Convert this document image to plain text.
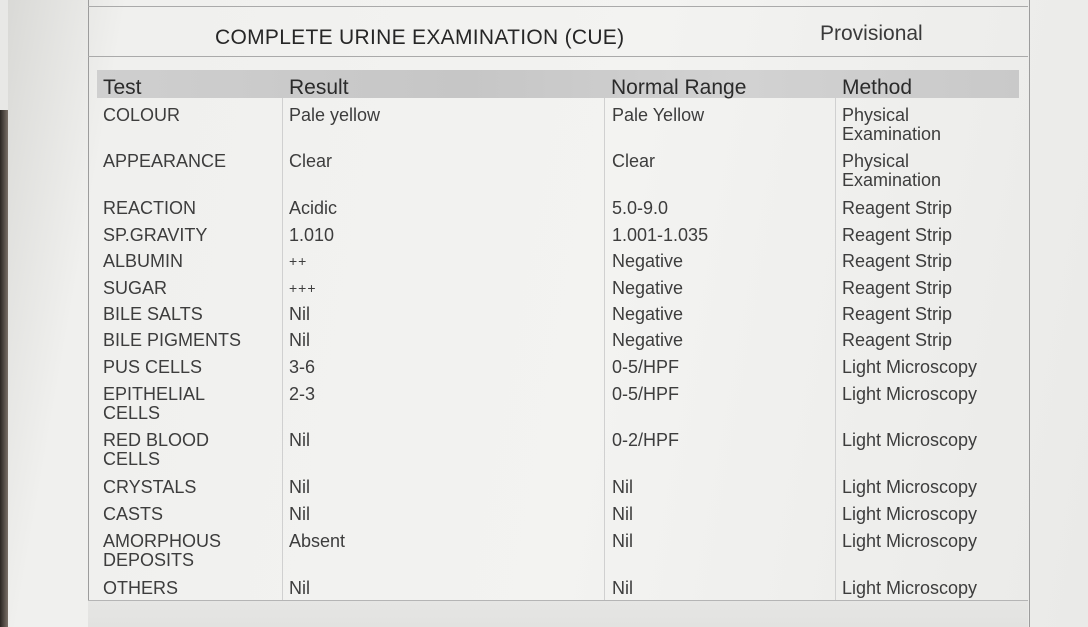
COMPLETE URINE EXAMINATION (CUE)	Provisional
Test	Result	Normal Range	Method
COLOUR	Pale yellow	Pale Yellow	Physical
Examination
APPEARANCE	Clear	Clear	Physical
Examination
REACTION	Acidic	5.0-9.0	Reagent Strip
SP.GRAVITY	1.010	1.001-1.035	Reagent Strip
ALBUMIN	++	Negative	Reagent Strip
SUGAR	+++	Negative	Reagent Strip
BILE SALTS	Nil	Negative	Reagent Strip
BILE PIGMENTS	Nil	Negative	Reagent Strip
PUS CELLS	3-6	0-5/HPF	Light Microscopy
EPITHELIAL
CELLS
2-3	0-5/HPF	Light Microscopy
RED BLOOD
CELLS
Nil	0-2/HPF	Light Microscopy
CRYSTALS	Nil	Nil	Light Microscopy
CASTS	Nil	Nil	Light Microscopy
AMORPHOUS
DEPOSITS
Absent	Nil	Light Microscopy
OTHERS	Nil	Nil	Light Microscopy
